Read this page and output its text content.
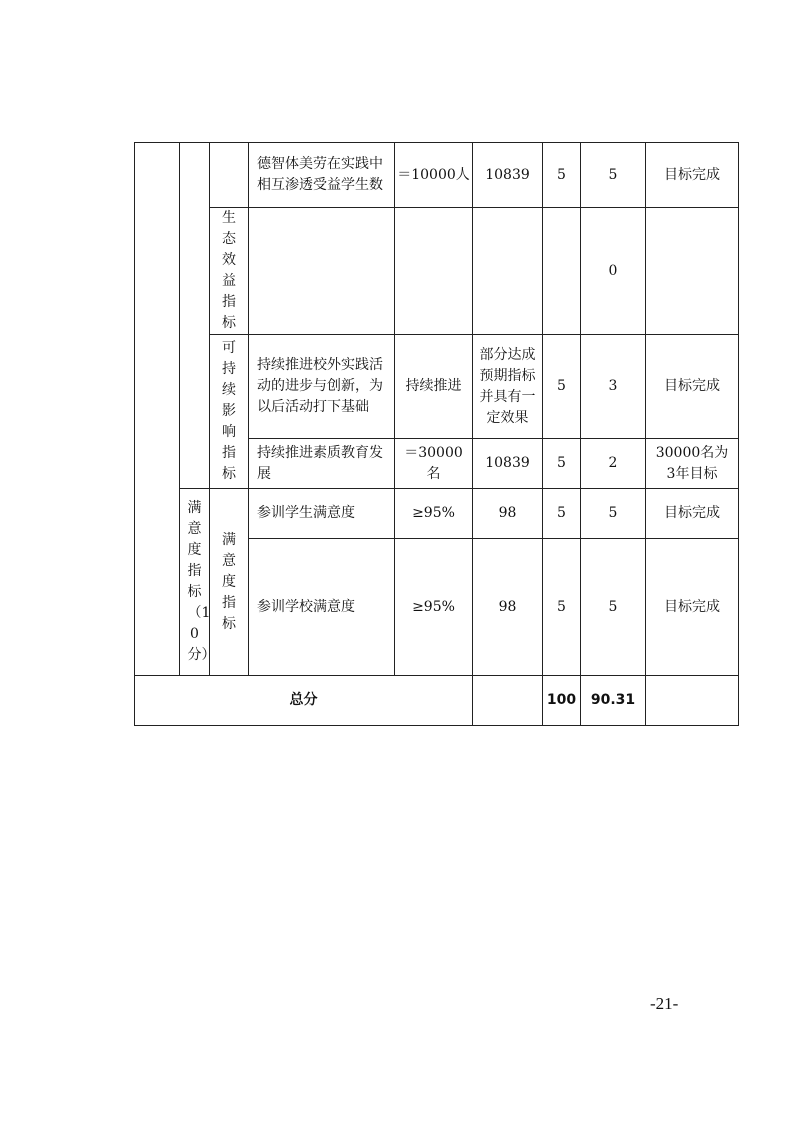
			德智体美劳在实践中相互渗透受益学生数	＝10000人	10839	5	5	目标完成

		生态效益指标					0	

		可持续影响指标	持续推进校外实践活动的进步与创新，为以后活动打下基础	持续推进	部分达成预期指标并具有一定效果	5	3	目标完成
			持续推进素质教育发展	＝30000名	10839	5	2	30000名为3年目标

	满意度指标（10分）	满意度指标	参训学生满意度	≥95%	98	5	5	目标完成
			参训学校满意度	≥95%	98	5	5	目标完成
总分						100	90.31	
-21-
